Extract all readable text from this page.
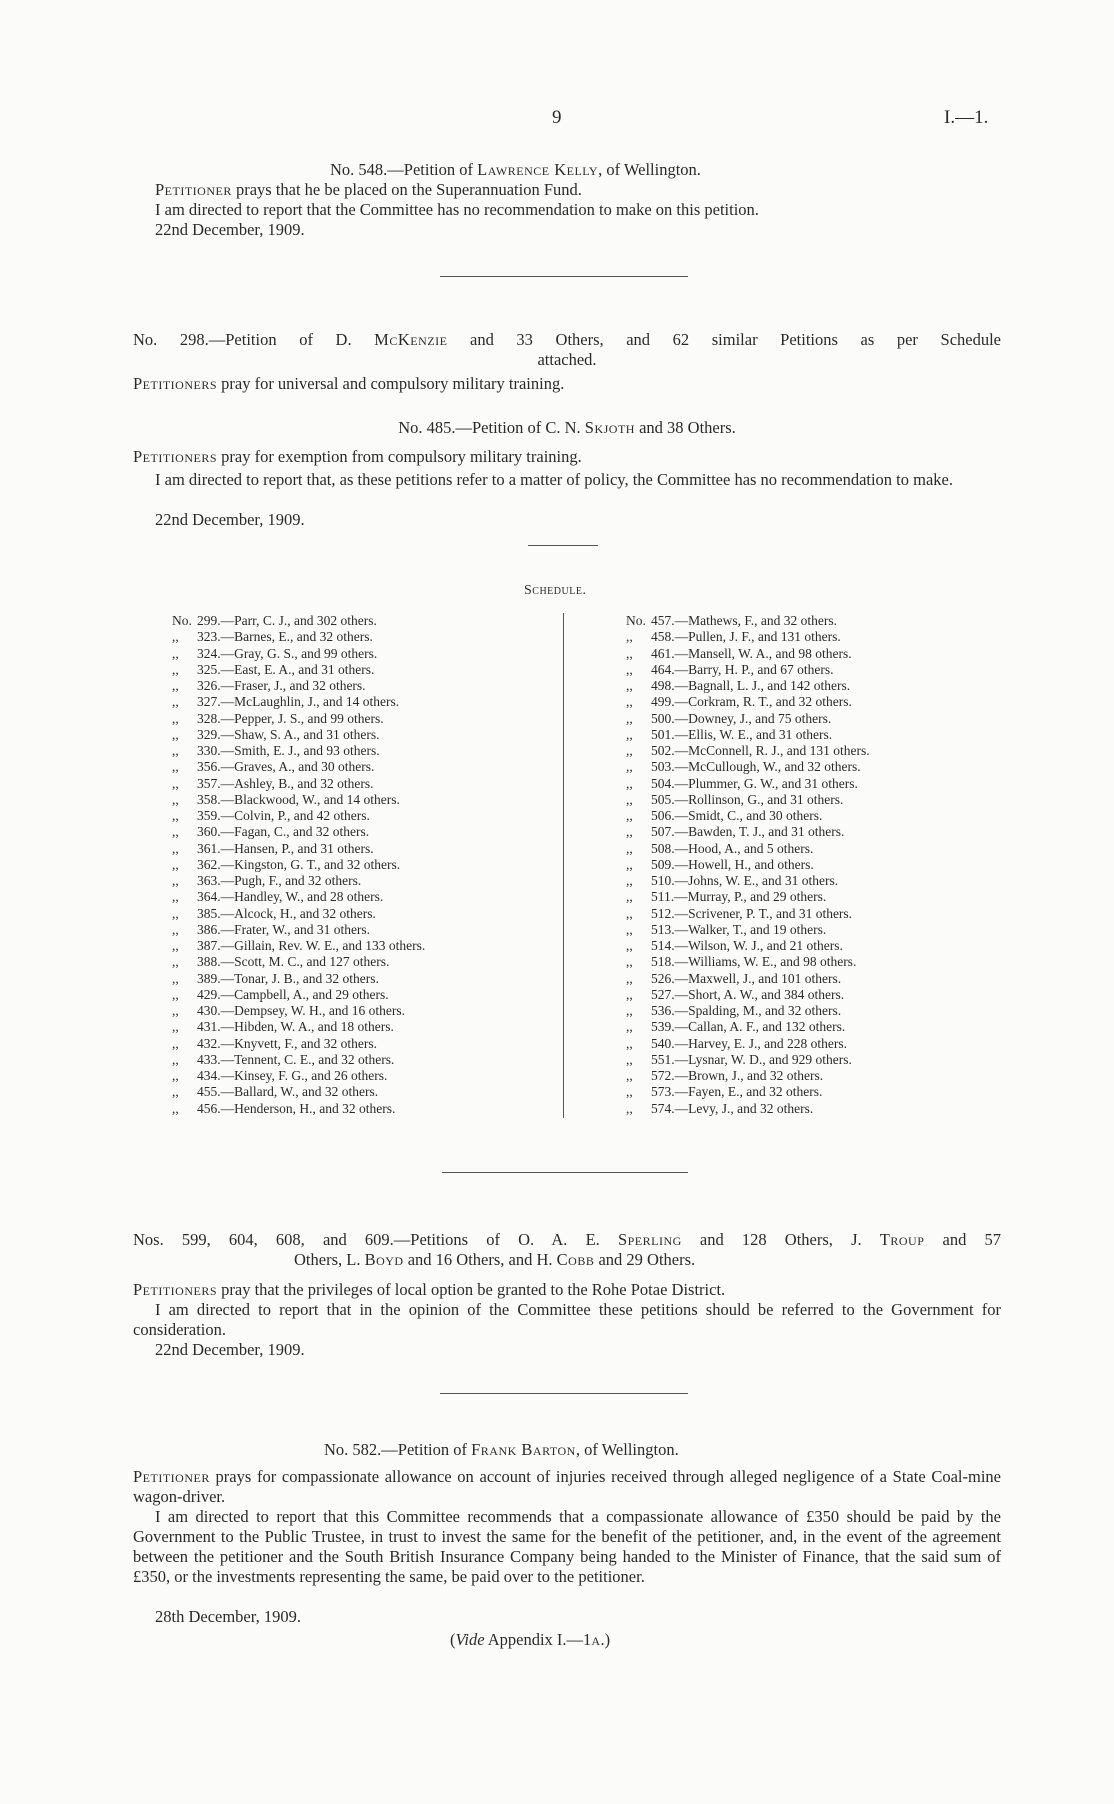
9	I.—1.
No. 548.—Petition of Lawrence Kelly, of Wellington.
Petitioner prays that he be placed on the Superannuation Fund.
I am directed to report that the Committee has no recommendation to make on this petition.
22nd December, 1909.
No. 298.—Petition of D. McKenzie and 33 Others, and 62 similar Petitions as per Schedule
attached.
Petitioners pray for universal and compulsory military training.
No. 485.—Petition of C. N. Skjoth and 38 Others.
Petitioners pray for exemption from compulsory military training.
I am directed to report that, as these petitions refer to a matter of policy, the Committee has no recommendation to make.
22nd December, 1909.
Schedule.
No. 299.—Parr, C. J., and 302 others.
,, 323.—Barnes, E., and 32 others.
,, 324.—Gray, G. S., and 99 others.
,, 325.—East, E. A., and 31 others.
,, 326.—Fraser, J., and 32 others.
,, 327.—McLaughlin, J., and 14 others.
,, 328.—Pepper, J. S., and 99 others.
,, 329.—Shaw, S. A., and 31 others.
,, 330.—Smith, E. J., and 93 others.
,, 356.—Graves, A., and 30 others.
,, 357.—Ashley, B., and 32 others.
,, 358.—Blackwood, W., and 14 others.
,, 359.—Colvin, P., and 42 others.
,, 360.—Fagan, C., and 32 others.
,, 361.—Hansen, P., and 31 others.
,, 362.—Kingston, G. T., and 32 others.
,, 363.—Pugh, F., and 32 others.
,, 364.—Handley, W., and 28 others.
,, 385.—Alcock, H., and 32 others.
,, 386.—Frater, W., and 31 others.
,, 387.—Gillain, Rev. W. E., and 133 others.
,, 388.—Scott, M. C., and 127 others.
,, 389.—Tonar, J. B., and 32 others.
,, 429.—Campbell, A., and 29 others.
,, 430.—Dempsey, W. H., and 16 others.
,, 431.—Hibden, W. A., and 18 others.
,, 432.—Knyvett, F., and 32 others.
,, 433.—Tennent, C. E., and 32 others.
,, 434.—Kinsey, F. G., and 26 others.
,, 455.—Ballard, W., and 32 others.
,, 456.—Henderson, H., and 32 others.
No. 457.—Mathews, F., and 32 others.
,, 458.—Pullen, J. F., and 131 others.
,, 461.—Mansell, W. A., and 98 others.
,, 464.—Barry, H. P., and 67 others.
,, 498.—Bagnall, L. J., and 142 others.
,, 499.—Corkram, R. T., and 32 others.
,, 500.—Downey, J., and 75 others.
,, 501.—Ellis, W. E., and 31 others.
,, 502.—McConnell, R. J., and 131 others.
,, 503.—McCullough, W., and 32 others.
,, 504.—Plummer, G. W., and 31 others.
,, 505.—Rollinson, G., and 31 others.
,, 506.—Smidt, C., and 30 others.
,, 507.—Bawden, T. J., and 31 others.
,, 508.—Hood, A., and 5 others.
,, 509.—Howell, H., and others.
,, 510.—Johns, W. E., and 31 others.
,, 511.—Murray, P., and 29 others.
,, 512.—Scrivener, P. T., and 31 others.
,, 513.—Walker, T., and 19 others.
,, 514.—Wilson, W. J., and 21 others.
,, 518.—Williams, W. E., and 98 others.
,, 526.—Maxwell, J., and 101 others.
,, 527.—Short, A. W., and 384 others.
,, 536.—Spalding, M., and 32 others.
,, 539.—Callan, A. F., and 132 others.
,, 540.—Harvey, E. J., and 228 others.
,, 551.—Lysnar, W. D., and 929 others.
,, 572.—Brown, J., and 32 others.
,, 573.—Fayen, E., and 32 others.
,, 574.—Levy, J., and 32 others.
Nos. 599, 604, 608, and 609.—Petitions of O. A. E. Sperling and 128 Others, J. Troup and 57
Others, L. Boyd and 16 Others, and H. Cobb and 29 Others.
Petitioners pray that the privileges of local option be granted to the Rohe Potae District.
I am directed to report that in the opinion of the Committee these petitions should be referred to the Government for consideration.
22nd December, 1909.
No. 582.—Petition of Frank Barton, of Wellington.
Petitioner prays for compassionate allowance on account of injuries received through alleged negligence of a State Coal-mine wagon-driver.
I am directed to report that this Committee recommends that a compassionate allowance of £350 should be paid by the Government to the Public Trustee, in trust to invest the same for the benefit of the petitioner, and, in the event of the agreement between the petitioner and the South British Insurance Company being handed to the Minister of Finance, that the said sum of £350, or the investments representing the same, be paid over to the petitioner.
28th December, 1909.
(Vide Appendix I.—1a.)
